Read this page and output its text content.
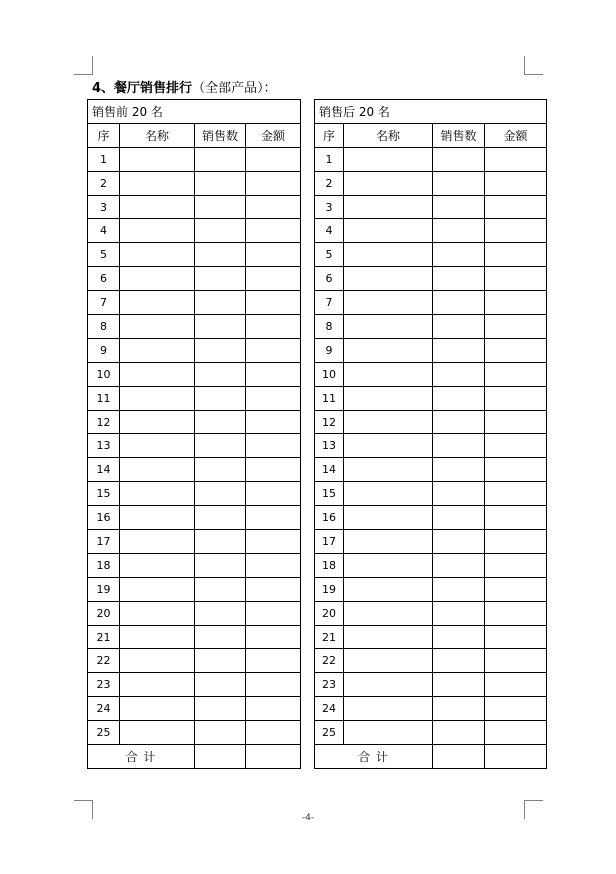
4、餐厅销售排行（全部产品）：
销售前 20 名			
序	名称	销售数	金额
1			
2			
3			
4			
5			
6			
7			
8			
9			
10			
11			
12			
13			
14			
15			
16			
17			
18			
19			
20			
21			
22			
23			
24			
25			
合 计			
销售后 20 名			
序	名称	销售数	金额
1			
2			
3			
4			
5			
6			
7			
8			
9			
10			
11			
12			
13			
14			
15			
16			
17			
18			
19			
20			
21			
22			
23			
24			
25			
合 计			
-4-
